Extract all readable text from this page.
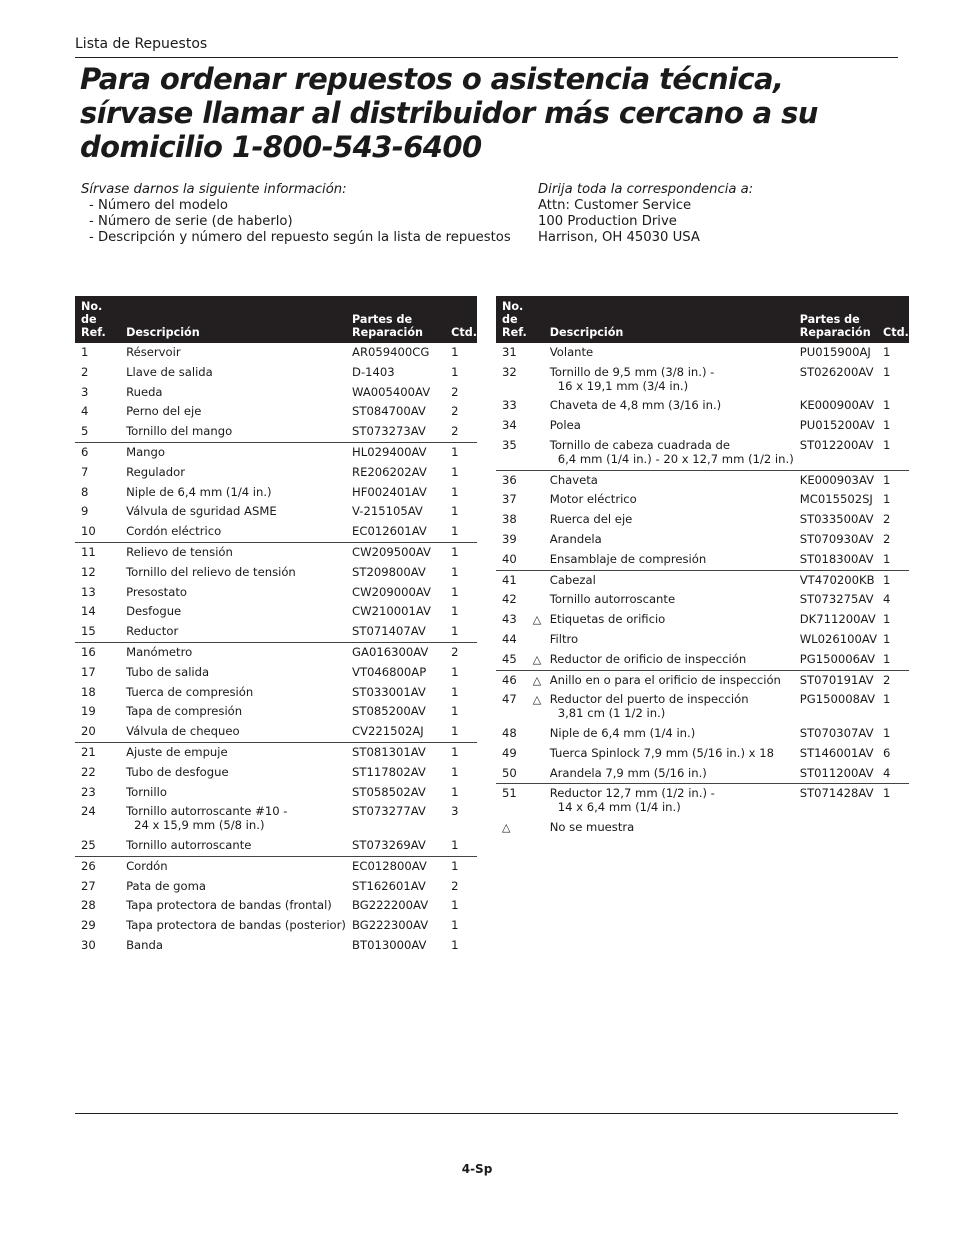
Lista de Repuestos
Para ordenar repuestos o asistencia técnica,
sírvase llamar al distribuidor más cercano a su
domicilio 1-800-543-6400
Sírvase darnos la siguiente información:
- Número del modelo
- Número de serie (de haberlo)
- Descripción y número del repuesto según la lista de repuestos
Dirija toda la correspondencia a:
Attn: Customer Service
100 Production Drive
Harrison, OH 45030 USA
No. de
Ref.	Descripción	Partes de
Reparación	Ctd.
1	Réservoir	AR059400CG	1
2	Llave de salida	D-1403	1
3	Rueda	WA005400AV	2
4	Perno del eje	ST084700AV	2
5	Tornillo del mango	ST073273AV	2
6	Mango	HL029400AV	1
7	Regulador	RE206202AV	1
8	Niple de 6,4 mm (1/4 in.)	HF002401AV	1
9	Válvula de sguridad ASME	V-215105AV	1
10	Cordón eléctrico	EC012601AV	1
11	Relievo de tensión	CW209500AV	1
12	Tornillo del relievo de tensión	ST209800AV	1
13	Presostato	CW209000AV	1
14	Desfogue	CW210001AV	1
15	Reductor	ST071407AV	1
16	Manómetro	GA016300AV	2
17	Tubo de salida	VT046800AP	1
18	Tuerca de compresión	ST033001AV	1
19	Tapa de compresión	ST085200AV	1
20	Válvula de chequeo	CV221502AJ	1
21	Ajuste de empuje	ST081301AV	1
22	Tubo de desfogue	ST117802AV	1
23	Tornillo	ST058502AV	1
24	Tornillo autorroscante #10 -
24 x 15,9 mm (5/8 in.)	ST073277AV	3
25	Tornillo autorroscante	ST073269AV	1
26	Cordón	EC012800AV	1
27	Pata de goma	ST162601AV	2
28	Tapa protectora de bandas (frontal)	BG222200AV	1
29	Tapa protectora de bandas (posterior)	BG222300AV	1
30	Banda	BT013000AV	1
No. de
Ref.	Descripción	Partes de
Reparación	Ctd.
31	Volante	PU015900AJ	1
32	Tornillo de 9,5 mm (3/8 in.) -
16 x 19,1 mm (3/4 in.)	ST026200AV	1
33	Chaveta de 4,8 mm (3/16 in.)	KE000900AV	1
34	Polea	PU015200AV	1
35	Tornillo de cabeza cuadrada de
6,4 mm (1/4 in.) - 20 x 12,7 mm (1/2 in.)	ST012200AV	1
36	Chaveta	KE000903AV	1
37	Motor eléctrico	MC015502SJ	1
38	Ruerca del eje	ST033500AV	2
39	Arandela	ST070930AV	2
40	Ensamblaje de compresión	ST018300AV	1
41	Cabezal	VT470200KB	1
42	Tornillo autorroscante	ST073275AV	4
43	△ Etiquetas de orificio	DK711200AV	1
44	Filtro	WL026100AV	1
45	△ Reductor de orificio de inspección	PG150006AV	1
46	△ Anillo en o para el orificio de inspección	ST070191AV	2
47	△ Reductor del puerto de inspección
3,81 cm (1 1/2 in.)	PG150008AV	1
48	Niple de 6,4 mm (1/4 in.)	ST070307AV	1
49	Tuerca Spinlock 7,9 mm (5/16 in.) x 18	ST146001AV	6
50	Arandela 7,9 mm (5/16 in.)	ST011200AV	4
51	Reductor 12,7 mm (1/2 in.) -
14 x 6,4 mm (1/4 in.)	ST071428AV	1
△	No se muestra		
4-Sp
